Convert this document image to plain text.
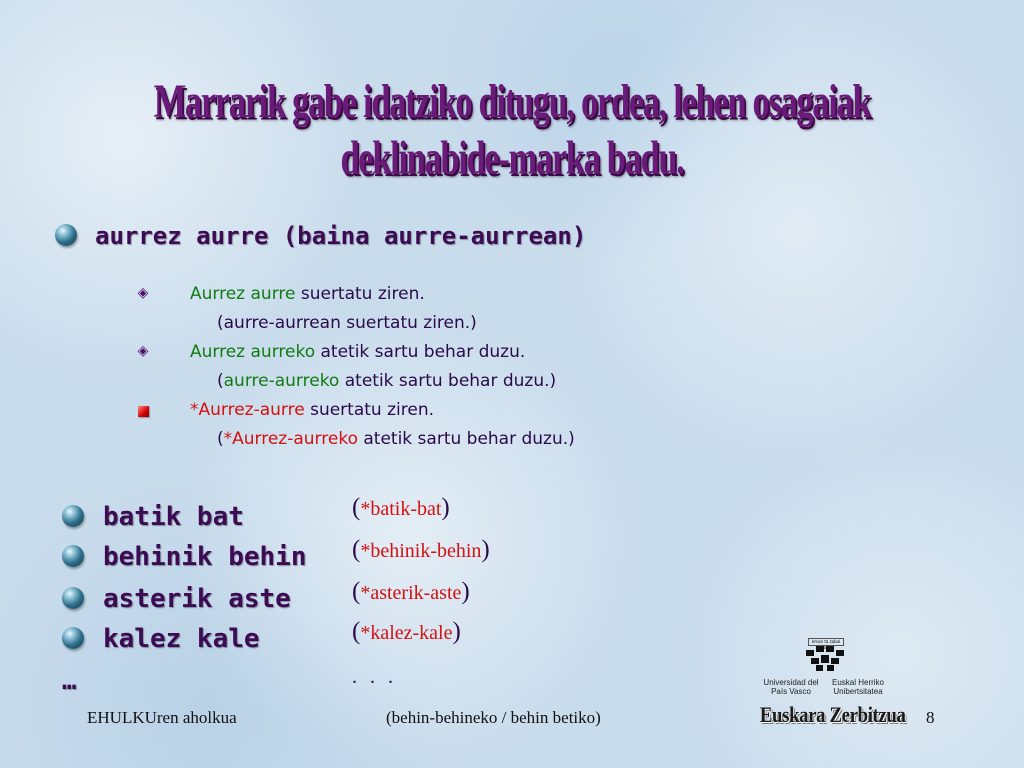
Marrarik gabe idatziko ditugu, ordea, lehen osagaiak deklinabide-marka badu.
aurrez aurre (baina aurre-aurrean)
◈
◈
Aurrez aurre suertatu ziren.
(aurre-aurrean suertatu ziren.)
Aurrez aurreko atetik sartu behar duzu.
(aurre-aurreko atetik sartu behar duzu.)
*Aurrez-aurre suertatu ziren.
(*Aurrez-aurreko atetik sartu behar duzu.)
batik bat	(*batik-bat)
behinik behin (*behinik-behin)
asterik aste (*asterik-aste)
kalez kale	(*kalez-kale)
…	. . .
eman ta zabal
Universidad del País Vasco
Euskal Herriko Unibertsitatea
EHULKUren aholkua	(behin-behineko / behin betiko)	Euskara Zerbitzua 8
